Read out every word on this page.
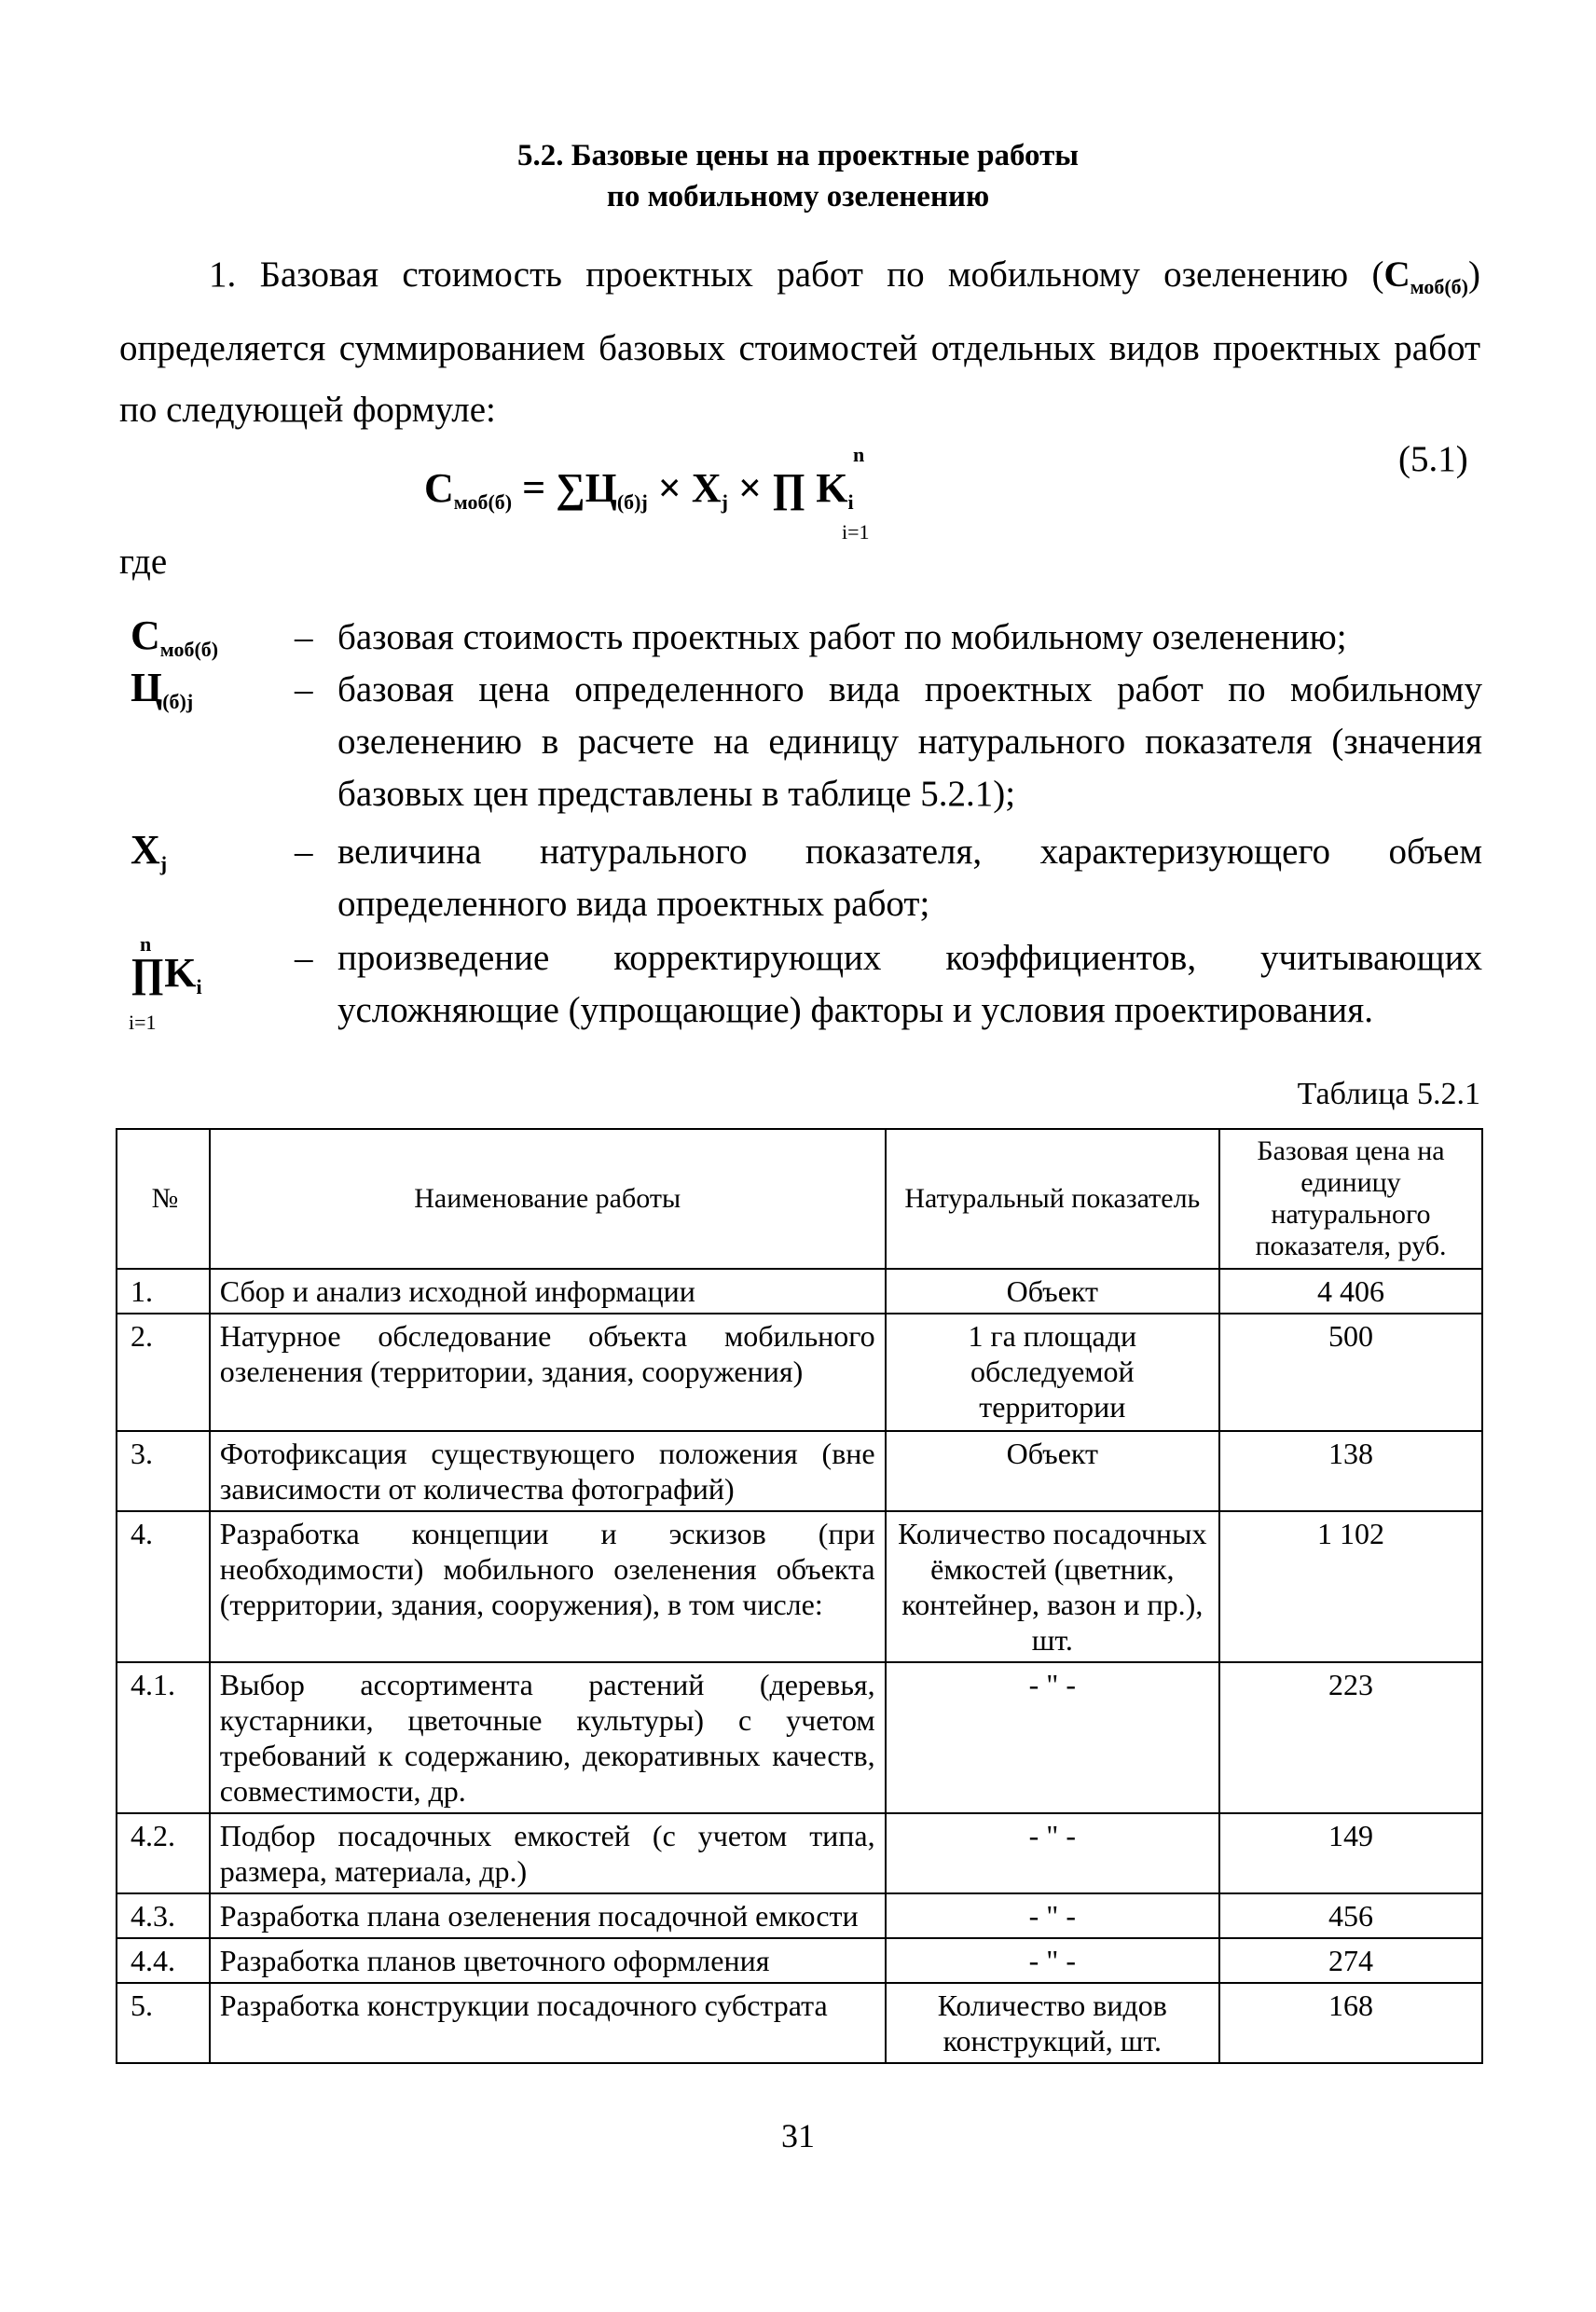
5.2. Базовые цены на проектные работы
по мобильному озеленению
1. Базовая стоимость проектных работ по мобильному озеленению $(С_{моб(б)})$ определяется суммированием базовых стоимостей отдельных видов проектных работ по следующей формуле:
$С_{моб(б)} = \sum Ц_{(б)j} \times X_j$ × ∏ $K_i$
n
i=1
(5.1)
где
$С_{моб(б)}$ – базовая стоимость проектных работ по мобильному озеленению;
$Ц_{(б)j}$	– базовая цена определенного вида проектных работ по мобильному озеленению в расчете на единицу натурального показателя (значения базовых цен представлены в таблице 5.2.1);
$X_j$	– величина натурального показателя, характеризующего объем определенного вида проектных работ;
$\prod K_i$
n
i=1
– произведение корректирующих коэффициентов, учитывающих усложняющие (упрощающие) факторы и условия проектирования.
Таблица 5.2.1
№	Наименование работы	Натуральный показатель	Базовая цена на единицу натурального показателя, руб.
1.	Сбор и анализ исходной информации	Объект	4 406
2.	Натурное обследование объекта мобильного озеленения (территории, здания, сооружения)	1 га площади обследуемой территории	500
3.	Фотофиксация существующего положения (вне зависимости от количества фотографий)	Объект	138
4.	Разработка концепции и эскизов (при необходимости) мобильного озеленения объекта (территории, здания, сооружения), в том числе:	Количество посадочных ёмкостей (цветник, контейнер, вазон и пр.), шт.	1 102
4.1.	Выбор ассортимента растений (деревья, кустарники, цветочные культуры) с учетом требований к содержанию, декоративных качеств, совместимости, др.	- " -	223
4.2.	Подбор посадочных емкостей (с учетом типа, размера, материала, др.)	- " -	149
4.3.	Разработка плана озеленения посадочной емкости	- " -	456
4.4.	Разработка планов цветочного оформления	- " -	274
5.	Разработка конструкции посадочного субстрата	Количество видов конструкций, шт.	168
31
